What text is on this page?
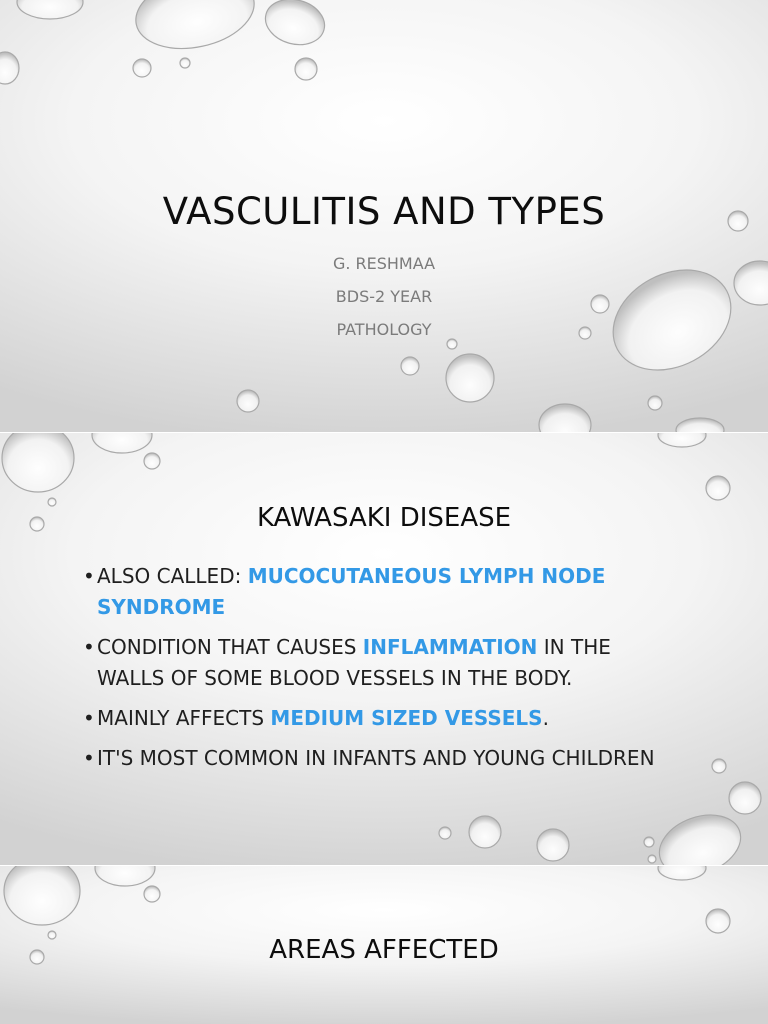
VASCULITIS AND TYPES
G. RESHMAA
BDS-2 YEAR
PATHOLOGY
KAWASAKI DISEASE
• ALSO CALLED: MUCOCUTANEOUS LYMPH NODE SYNDROME
• CONDITION THAT CAUSES INFLAMMATION IN THE WALLS OF SOME BLOOD VESSELS IN THE BODY.
• MAINLY AFFECTS MEDIUM SIZED VESSELS.
• IT'S MOST COMMON IN INFANTS AND YOUNG CHILDREN
AREAS AFFECTED
